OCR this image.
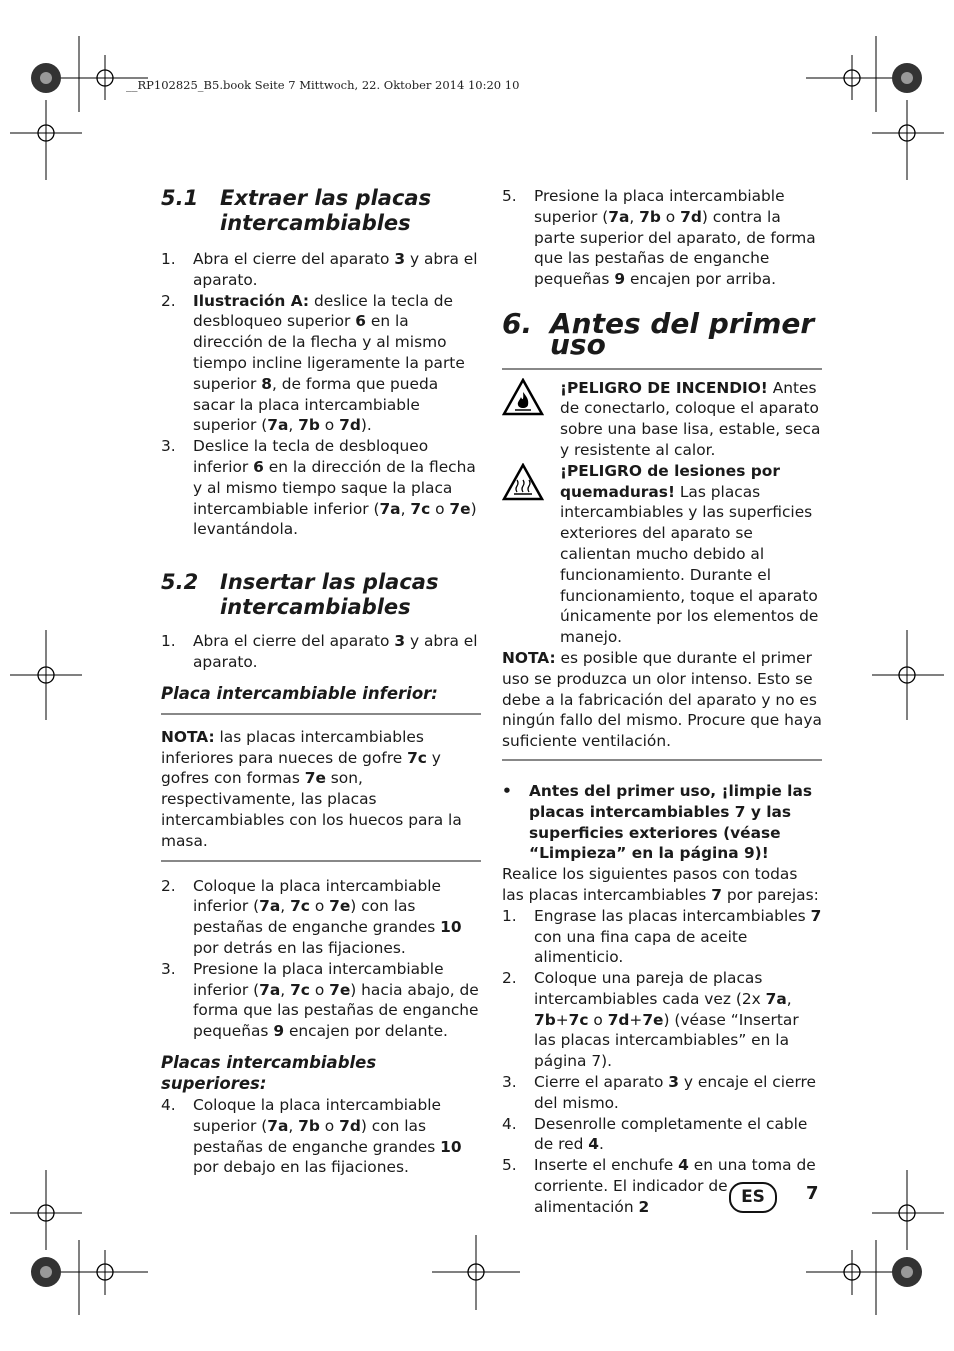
__RP102825_B5.book Seite 7 Mittwoch, 22. Oktober 2014 10:20 10
5.1	Extraer las placas intercambiables
1.	Abra el cierre del aparato 3 y abra el aparato.
2.	Ilustración A: deslice la tecla de desbloqueo superior 6 en la dirección de la flecha y al mismo tiempo incline ligeramente la parte superior 8, de forma que pueda sacar la placa intercambiable superior (7a, 7b o 7d).
3.	Deslice la tecla de desbloqueo inferior 6 en la dirección de la flecha y al mismo tiempo saque la placa intercambiable inferior (7a, 7c o 7e) levantándola.
5.2	Insertar las placas intercambiables
1.	Abra el cierre del aparato 3 y abra el aparato.
Placa intercambiable inferior:

NOTA: las placas intercambiables inferiores para nueces de gofre 7c y gofres con formas 7e son, respectivamente, las placas intercambiables con los huecos para la masa.

2.	Coloque la placa intercambiable inferior (7a, 7c o 7e) con las pestañas de enganche grandes 10 por detrás en las fijaciones.
3.	Presione la placa intercambiable inferior (7a, 7c o 7e) hacia abajo, de forma que las pestañas de enganche pequeñas 9 encajen por delante.
Placas intercambiables superiores:
4.	Coloque la placa intercambiable superior (7a, 7b o 7d) con las pestañas de enganche grandes 10 por debajo en las fijaciones.
5.	Presione la placa intercambiable superior (7a, 7b o 7d) contra la parte superior del aparato, de forma que las pestañas de enganche pequeñas 9 encajen por arriba.
6. Antes del primer uso

¡PELIGRO DE INCENDIO! Antes de conectarlo, coloque el aparato sobre una base lisa, estable, seca y resistente al calor.

¡PELIGRO de lesiones por quemaduras! Las placas intercambiables y las superficies exteriores del aparato se calientan mucho debido al funcionamiento. Durante el funcionamiento, toque el aparato únicamente por los elementos de manejo.

NOTA: es posible que durante el primer uso se produzca un olor intenso. Esto se debe a la fabricación del aparato y no es ningún fallo del mismo. Procure que haya suficiente ventilación.

•	Antes del primer uso, ¡limpie las placas intercambiables 7 y las superficies exteriores (véase “Limpieza” en la página 9)!

Realice los siguientes pasos con todas las placas intercambiables 7 por parejas:

1.	Engrase las placas intercambiables 7 con una fina capa de aceite alimenticio.
2.	Coloque una pareja de placas intercambiables cada vez (2x 7a, 7b+7c o 7d+7e) (véase “Insertar las placas intercambiables” en la página 7).
3.	Cierre el aparato 3 y encaje el cierre del mismo.
4.	Desenrolle completamente el cable de red 4.
5.	Inserte el enchufe 4 en una toma de corriente. El indicador de alimentación 2	ES	7
